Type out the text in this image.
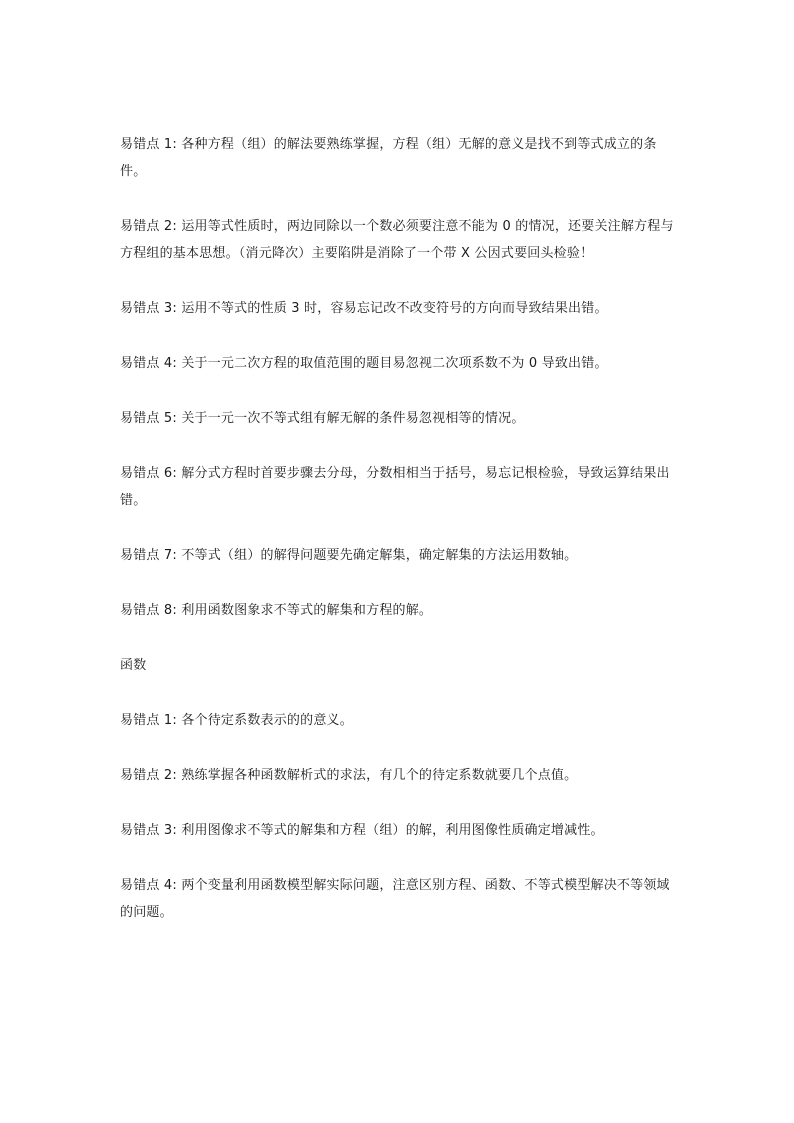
易错点 1: 各种方程（组）的解法要熟练掌握，方程（组）无解的意义是找不到等式成立的条件。

易错点 2: 运用等式性质时，两边同除以一个数必须要注意不能为 0 的情况，还要关注解方程与方程组的基本思想。（消元降次）主要陷阱是消除了一个带 X 公因式要回头检验！

易错点 3: 运用不等式的性质 3 时，容易忘记改不改变符号的方向而导致结果出错。

易错点 4: 关于一元二次方程的取值范围的题目易忽视二次项系数不为 0 导致出错。

易错点 5: 关于一元一次不等式组有解无解的条件易忽视相等的情况。

易错点 6: 解分式方程时首要步骤去分母，分数相相当于括号，易忘记根检验，导致运算结果出错。

易错点 7: 不等式（组）的解得问题要先确定解集，确定解集的方法运用数轴。

易错点 8: 利用函数图象求不等式的解集和方程的解。

函数

易错点 1: 各个待定系数表示的的意义。

易错点 2: 熟练掌握各种函数解析式的求法，有几个的待定系数就要几个点值。

易错点 3: 利用图像求不等式的解集和方程（组）的解，利用图像性质确定增减性。

易错点 4: 两个变量利用函数模型解实际问题，注意区别方程、函数、不等式模型解决不等领域的问题。
